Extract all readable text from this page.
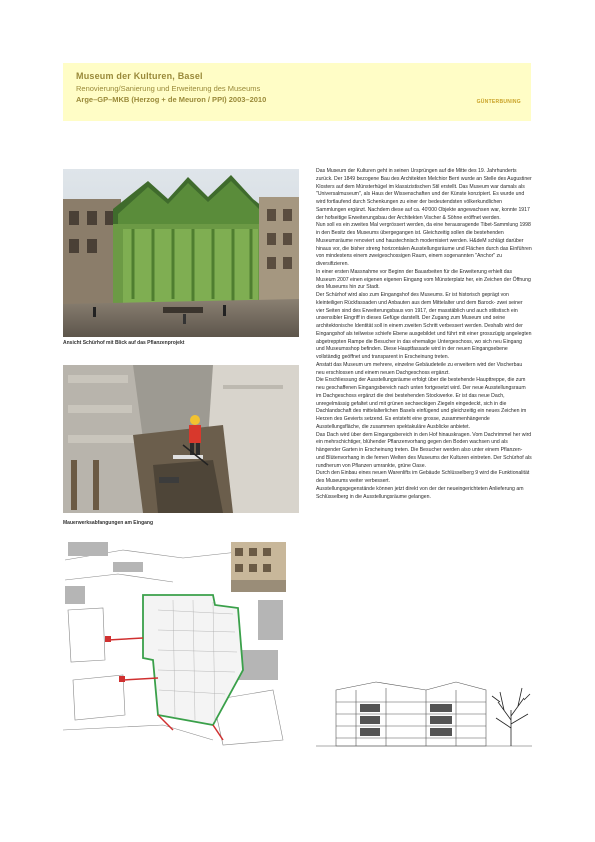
Museum der Kulturen, Basel
Renovierung/Sanierung und Erweiterung des Museums
Arge–GP–MKB (Herzog + de Meuron / PPI) 2003–2010	GÜNTERBUNING
Ansicht Schürhof mit Blick auf das Pflanzenprojekt
Mauerwerksabfangungen am Eingang

Das Museum der Kulturen geht in seinen Ursprüngen auf die Mitte des 19. Jahrhunderts zurück. Der 1849 bezogene Bau des Architekten Melchior Berri wurde an Stelle des Augustiner Klosters auf dem Münsterhügel im klassizistischen Stil erstellt. Das Museum war damals als "Universalmuseum", als Haus der Wissenschaften und der Künste konzipiert. Es wurde und wird fortlaufend durch Schenkungen zu einer der bedeutendsten völkerkundlichen Sammlungen ergänzt. Nachdem diese auf ca. 40'000 Objekte angewachsen war, konnte 1917 der hofseitige Erweiterungsbau der Architekten Vischer & Söhne eröffnet werden.

Nun soll es ein zweites Mal vergrössert werden, da eine herausragende Tibet-Sammlung 1998 in den Besitz des Museums übergegangen ist. Gleichzeitig sollen die bestehenden Museumsräume renoviert und haustechnisch modernisiert werden. H&deM schlägt darüber hinaus vor, die bisher streng horizontalen Ausstellungsräume und Flächen durch das Einführen von mindestens einem zweigeschossigen Raum, einem sogenannten "Anchor" zu diversifizieren.

In einer ersten Massnahme vor Beginn der Bauarbeiten für die Erweiterung erhielt das Museum 2007 einen eigenen eigenen Eingang vom Münsterplatz her, ein Zeichen der Öffnung des Museums hin zur Stadt.

Der Schürhof wird also zum Eingangshof des Museums. Er ist historisch geprägt von kleinteiligen Rückfassaden und Anbauten aus dem Mittelalter und dem Barock- zwei seiner vier Seiten sind des Erweiterungsbaus von 1917, der masstäblich und auch stilistisch ein unsensibler Eingriff in dieses Gefüge darstellt. Der Zugang zum Museum und seine architektonische Identität soll in einem zweiten Schritt verbessert werden. Deshalb wird der Eingangshof als teilweise schiefe Ebene ausgebildet und führt mit einer grosszügig angelegten abgetreppten Rampe die Besucher in das ehemalige Untergeschoss, wo sich neu Eingang und Museumsshop befinden. Diese Hauptfassade wird in der neuen Eingangsebene vollständig geöffnet und transparent in Erscheinung treten.

Anstatt das Museum um mehrere, einzelne Gebäudeteile zu erweitern wird der Vischerbau neu erschlossen und einem neuen Dachgeschoss ergänzt.

Die Erschliessung der Ausstellungsräume erfolgt über die bestehende Haupttreppe, die zum neu geschaffenen Eingangsbereich nach unten fortgesetzt wird. Der neue Ausstellungsraum im Dachgeschoss ergänzt die drei bestehenden Stockwerke. Er ist das neue Dach, unregelmässig gefaltet und mit grünen sechseckigen Ziegeln eingedeckt, sich in die Dachlandschaft des mittelalterlichen Basels einfügend und gleichzeitig ein neues Zeichen im Herzen des Gevierts setzend. Es entsteht eine grosse, zusammenhängende Ausstellungsfläche, die zusammen spektakuläre Ausblicke anbietet.

Das Dach wird über dem Eingangsbereich in den Hof hinauskragen. Vom Dachrimmel her wird ein mehrschichtiger, blühender Pflanzenvorhang gegen den Boden wachsen und als hängender Garten in Erscheinung treten. Die Besucher werden also unter einem Pflanzen- und Blütenvorhang in die fernen Welten des Museums der Kulturen eintreten. Der Schürhof als rundherum von Pflanzen umrankte, grüne Oase.

Durch den Einbau eines neuen Warenlifts im Gebäude Schlüsselberg 9 wird die Funktionalität des Museums weiter verbessert.

Ausstellungsgegenstände können jetzt direkt von der der neueingerichteten Anlieferung am Schlüsselberg in die Ausstellungsräume gelangen.
